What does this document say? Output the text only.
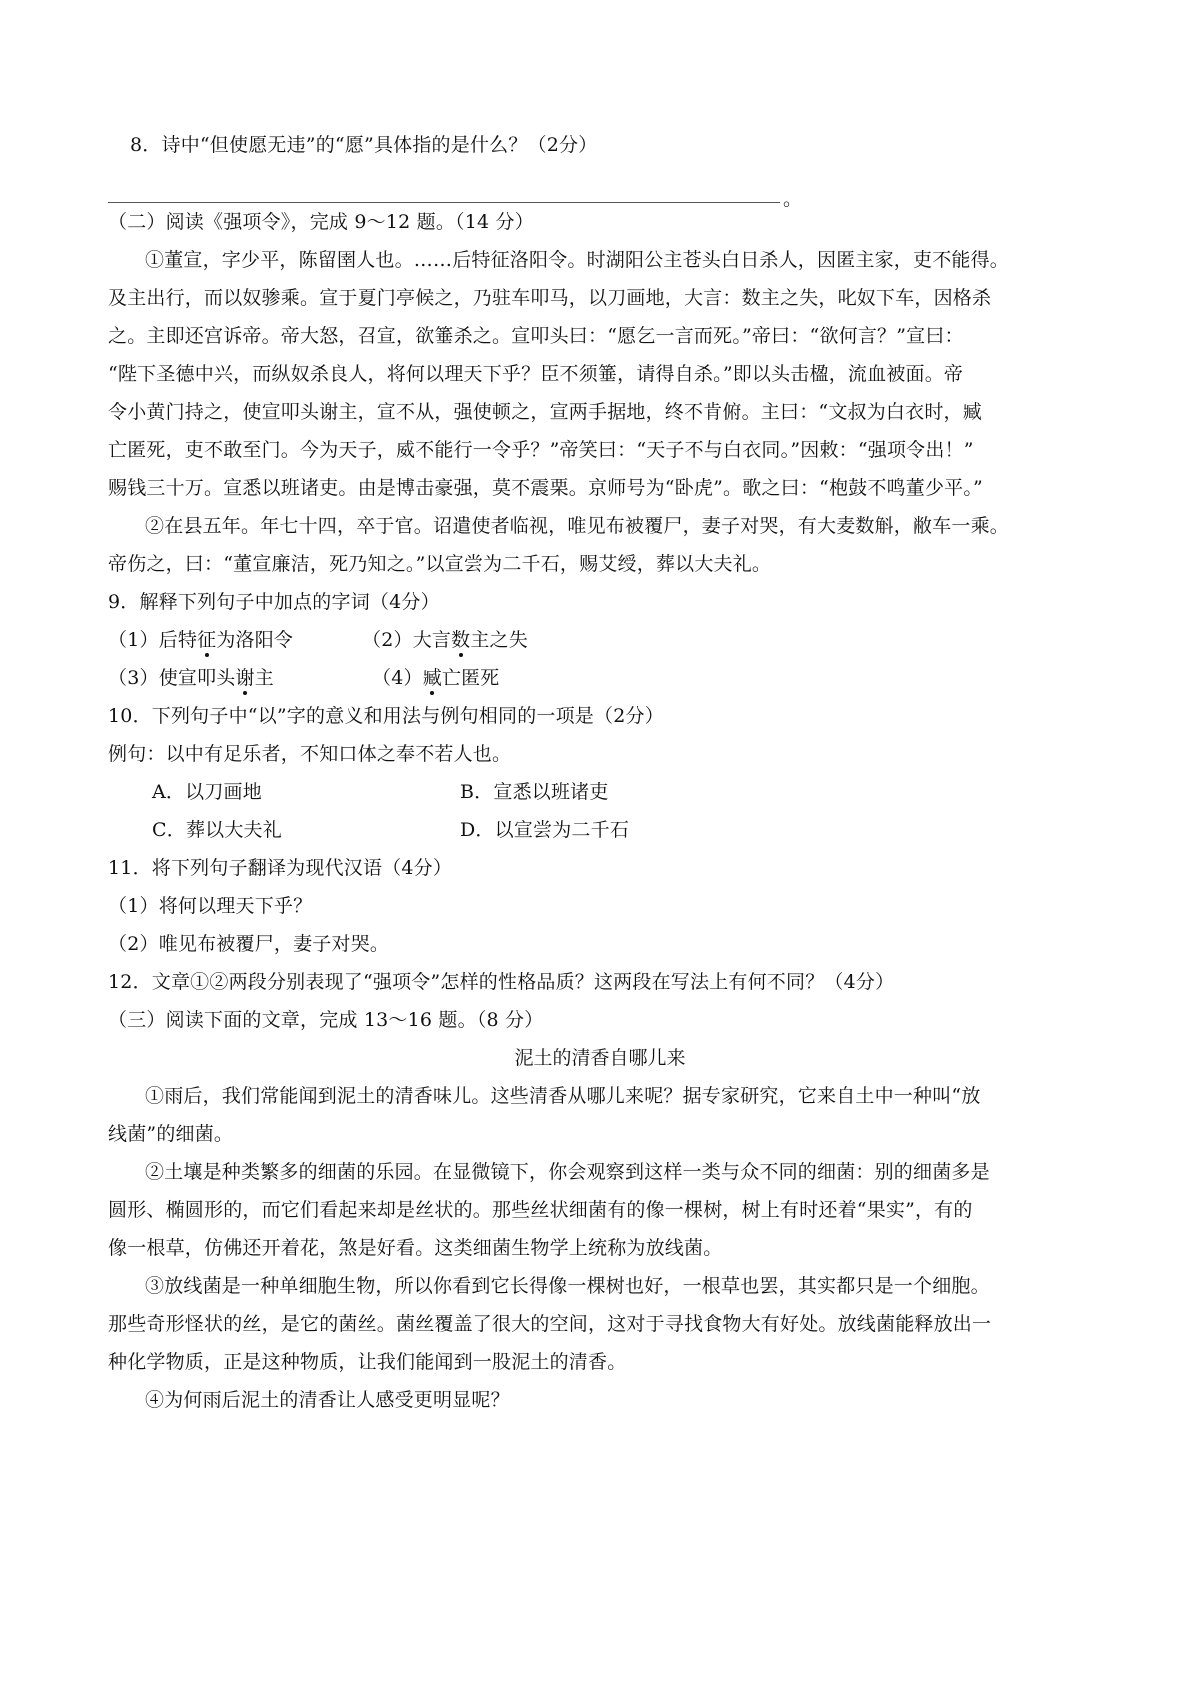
8．诗中“但使愿无违”的“愿”具体指的是什么？（2分）
。
（二）阅读《强项令》，完成 9～12 题。（14 分）
①董宣，字少平，陈留圉人也。……后特征洛阳令。时湖阳公主苍头白日杀人，因匿主家，吏不能得。
及主出行，而以奴骖乘。宣于夏门亭候之，乃驻车叩马，以刀画地，大言：数主之失，叱奴下车，因格杀
之。主即还宫诉帝。帝大怒，召宣，欲箠杀之。宣叩头曰：“愿乞一言而死。”帝曰：“欲何言？”宣曰：
“陛下圣德中兴，而纵奴杀良人，将何以理天下乎？臣不须箠，请得自杀。”即以头击楹，流血被面。帝
令小黄门持之，使宣叩头谢主，宣不从，强使顿之，宣两手据地，终不肯俯。主曰：“文叔为白衣时，臧
亡匿死，吏不敢至门。今为天子，威不能行一令乎？”帝笑曰：“天子不与白衣同。”因敕：“强项令出！”
赐钱三十万。宣悉以班诸吏。由是博击豪强，莫不震栗。京师号为“卧虎”。歌之曰：“枹鼓不鸣董少平。”
②在县五年。年七十四，卒于官。诏遣使者临视，唯见布被覆尸，妻子对哭，有大麦数斛，敝车一乘。
帝伤之，曰：“董宣廉洁，死乃知之。”以宣尝为二千石，赐艾绶，葬以大夫礼。
9．解释下列句子中加点的字词（4分）
（1）后特征为洛阳令	（2）大言数主之失
（3）使宣叩头谢主	（4）臧亡匿死
10．下列句子中“以”字的意义和用法与例句相同的一项是（2分）
例句：以中有足乐者，不知口体之奉不若人也。
A．以刀画地	B．宣悉以班诸吏
C．葬以大夫礼	D．以宣尝为二千石
11．将下列句子翻译为现代汉语（4分）
（1）将何以理天下乎？
（2）唯见布被覆尸，妻子对哭。
12．文章①②两段分别表现了“强项令”怎样的性格品质？这两段在写法上有何不同？（4分）
（三）阅读下面的文章，完成 13～16 题。（8 分）
泥土的清香自哪儿来
①雨后，我们常能闻到泥土的清香味儿。这些清香从哪儿来呢？据专家研究，它来自土中一种叫“放
线菌”的细菌。
②土壤是种类繁多的细菌的乐园。在显微镜下，你会观察到这样一类与众不同的细菌：别的细菌多是
圆形、椭圆形的，而它们看起来却是丝状的。那些丝状细菌有的像一棵树，树上有时还着“果实”，有的
像一根草，仿佛还开着花，煞是好看。这类细菌生物学上统称为放线菌。
③放线菌是一种单细胞生物，所以你看到它长得像一棵树也好，一根草也罢，其实都只是一个细胞。
那些奇形怪状的丝，是它的菌丝。菌丝覆盖了很大的空间，这对于寻找食物大有好处。放线菌能释放出一
种化学物质，正是这种物质，让我们能闻到一股泥土的清香。
④为何雨后泥土的清香让人感受更明显呢？
